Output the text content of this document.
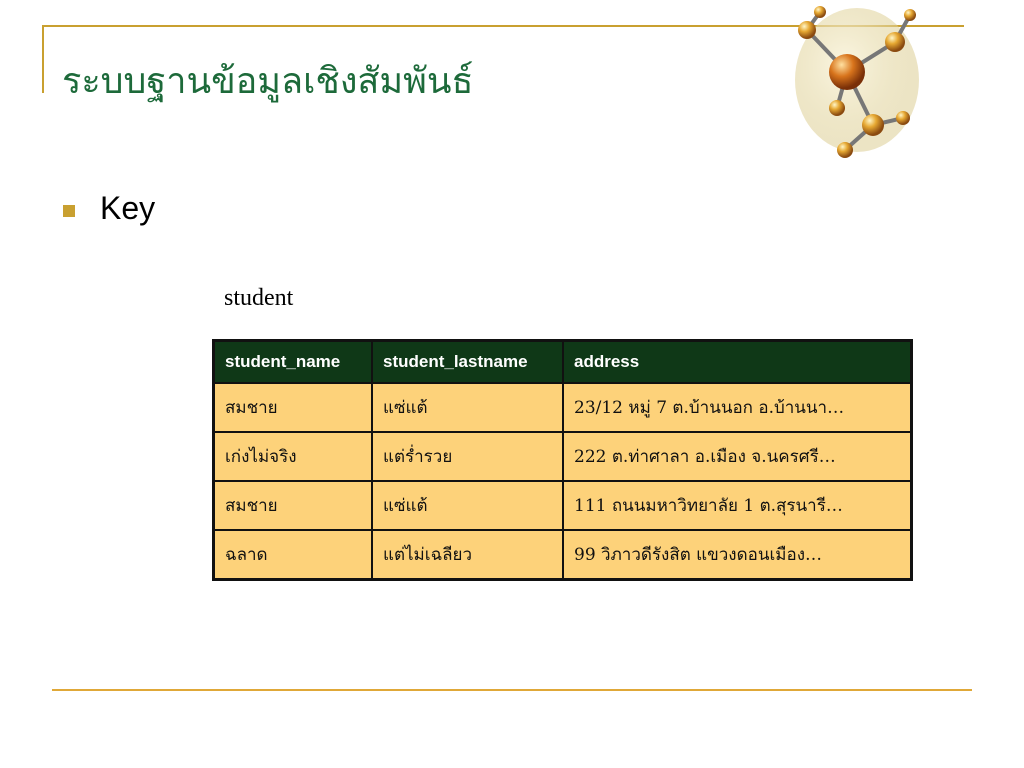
ระบบฐานข้อมูลเชิงสัมพันธ์
Key
student
student_name	student_lastname	address
สมชาย	แซ่แต้	23/12 หมู่ 7 ต.บ้านนอก อ.บ้านนา…
เก่งไม่จริง	แต่ร่ำรวย	222 ต.ท่าศาลา อ.เมือง จ.นครศรี…
สมชาย	แซ่แต้	111 ถนนมหาวิทยาลัย 1 ต.สุรนารี…
ฉลาด	แต่ไม่เฉลียว	99 วิภาวดีรังสิต แขวงดอนเมือง…
